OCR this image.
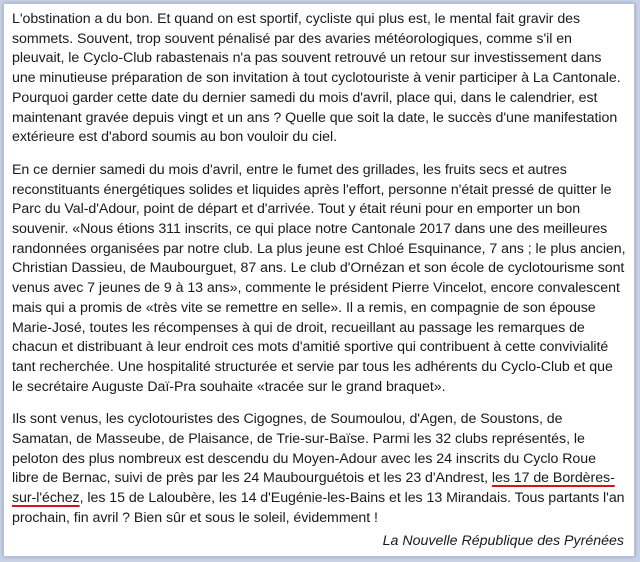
L'obstination a du bon. Et quand on est sportif, cycliste qui plus est, le mental fait gravir des sommets. Souvent, trop souvent pénalisé par des avaries météorologiques, comme s'il en pleuvait, le Cyclo-Club rabastenais n'a pas souvent retrouvé un retour sur investissement dans une minutieuse préparation de son invitation à tout cyclotouriste à venir participer à La Cantonale. Pourquoi garder cette date du dernier samedi du mois d'avril, place qui, dans le calendrier, est maintenant gravée depuis vingt et un ans ? Quelle que soit la date, le succès d'une manifestation extérieure est d'abord soumis au bon vouloir du ciel.

En ce dernier samedi du mois d'avril, entre le fumet des grillades, les fruits secs et autres reconstituants énergétiques solides et liquides après l'effort, personne n'était pressé de quitter le Parc du Val-d'Adour, point de départ et d'arrivée. Tout y était réuni pour en emporter un bon souvenir. «Nous étions 311 inscrits, ce qui place notre Cantonale 2017 dans une des meilleures randonnées organisées par notre club. La plus jeune est Chloé Esquinance, 7 ans ; le plus ancien, Christian Dassieu, de Maubourguet, 87 ans. Le club d'Ornézan et son école de cyclotourisme sont venus avec 7 jeunes de 9 à 13 ans», commente le président Pierre Vincelot, encore convalescent mais qui a promis de «très vite se remettre en selle». Il a remis, en compagnie de son épouse Marie-José, toutes les récompenses à qui de droit, recueillant au passage les remarques de chacun et distribuant à leur endroit ces mots d'amitié sportive qui contribuent à cette convivialité tant recherchée. Une hospitalité structurée et servie par tous les adhérents du Cyclo-Club et que le secrétaire Auguste Daï-Pra souhaite «tracée sur le grand braquet».

Ils sont venus, les cyclotouristes des Cigognes, de Soumoulou, d'Agen, de Soustons, de Samatan, de Masseube, de Plaisance, de Trie-sur-Baïse. Parmi les 32 clubs représentés, le peloton des plus nombreux est descendu du Moyen-Adour avec les 24 inscrits du Cyclo Roue libre de Bernac, suivi de près par les 24 Maubourguétois et les 23 d'Andrest, les 17 de Bordères-sur-l'échez, les 15 de Laloubère, les 14 d'Eugénie-les-Bains et les 13 Mirandais. Tous partants l'an prochain, fin avril ? Bien sûr et sous le soleil, évidemment !

La Nouvelle République des Pyrénées
